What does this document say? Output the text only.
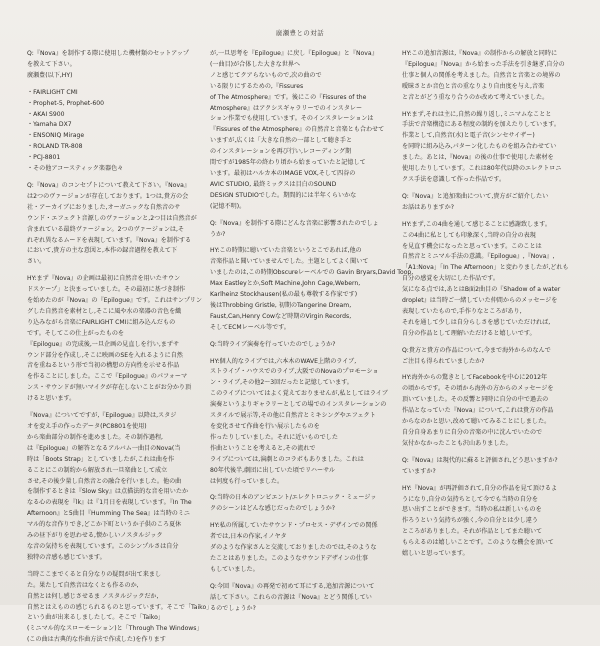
廣瀬豊との対話

Q:『Nova』を制作する際に使用した機材類のセットアップ

を教えて下さい。

廣瀬豊(以下,HY)

・FAIRLIGHT CMI

・Prophet-5, Prophet-600

・AKAI S900

・Yamaha DX7

・ENSONIQ Mirage

・ROLAND TR-808

・PCJ-8801

・その他アコースティック楽器色々

Q:『Nova』のコンセプトについて教えて下さい。『Nova』

は2つのヴァージョンが存在しております。1つは,貴方の会

社・アーカイブにおりました,オーガニックな自然音のサ

ウンド・エフェクト音源しのヴァージョンと,2つ目は自然音が

含まれている最終ヴァージョン。2つのヴァージョンは,そ

れぞれ異なるムードを表現しています。『Nova』を制作する

において,貴方の主な意図と,本作の録音過程を教えて下

さい。

HY:まず『Nova』の企画は最初に自然音を用いたサウン

ドスケープ」と決まっていました。その最初に基づき制作

を始めたのが『Nova』の『Epilogue』です。これはサンプリン

グした自然音を素材とし,そこに風や水の楽器の音色を織

り込みながら音楽にFAIRLIGHT CMIに組み込んだもの

です。そしてこの仕上がったものを

『Epilogue』の完成後,一旦企画の見直しを行い,まずサ

ウンド部分を作成し,そこに映画のSEを入れるように自然

音を重ねるという形で当初の構想の方向性を示せる作品

を作ることにしました。ここで『Epilogue』のパフォーマ

ンス・サウンドが無いマイクが存在しないことがお分かり頂

けると思います。

『Nova』についてですが,『Epilogue』以降は,スタジ

オを変え手の作ったデータ(PC8801を使用)

から楽曲部分の制作を進めました。その制作過程,

は『Epilogue』の解答となるアルバム一曲目のNova(当

時は「Boots Strap」としていましたが,これは曲を作

ることにこの制約から解放され一旦楽曲として成立

させ,その後少量し自然音との融合を行いました。他の曲

を制作するときは『Slow Sky』は点描法的な音を用いたか

なる心の表現を『lk』は『1月日を表現しています。『In The

Afternoon』と5曲目『Humming The Sea』は当時のミニ

マル的な音作りでき,どこか下町というか子供のころ夏休

みの昼下がりを思わせる,懐かしいノスタルジック

な音の気持ちを表現しています。このシンプルさは自分

独特の音感も感じています。

当時ここまでくると自分なりの疑問が出て来まし

た。果たして自然音はなくとも作るのか,

自然とは何し感じさせるま ノスタルジックだか,

自然とはえものの感じられるものと思っています。そこで「Taiko」

という曲が出来るしましたして。そこで「Taiko」

(ミニマル的なスローモーション)と「Through The Windows」

(この曲は古典的な作曲方法で作成した)を作ります

が,一旦思考を『Epilogue』に戻し『Epilogue』と『Nova』

(一曲目)が合体した大きな世界へ

ノと感じてクアらないもので,次の曲ので

いる限りにするための,『Fissures

of The Atmosphere』です。後にこの『Fissures of the

Atmosphere』はアクシスギャラリーでのインスタレー

ション作業でも使用しています。そのインスタレーションは

『Fissures of the Atmosphere』の自然音と音楽とも合わせて

いますが,広くは「大きな自然の一部として聴き手と

のインスタレーションを再び行い,レコーディング期

間ですが1985年の終わり頃から始まっていたと記憶して

います。最初はハルカ本のIMAGE VOX,そして四谷の

AVIC STUDIO, 最終ミックスは目白のSOUND

DESIGN STUDIOでした。期間的には半年くらいかな

(記憶不明)。

Q:『Nova』を制作する際にどんな音楽に影響されたのでしょ

うか?

HY:この時期に聴いていた音楽というとこであれば,他の

音楽作品と聞いていませんでした。主題としてよく聞いて

いましたのは,この時期Obscureレーベルでの Gavin Bryars,David Toop,

Max Eastleyとか,Soft Machine,John Cage,Webern,

Karlheinz Stockhausen(私の最も尊敬する作家です)

後はThrobbing Gristle, 初期のTangerine Dream,

Faust,Can,Henry Cowなど時期のVirgin Records,

そしてECMレーベル等です。

Q:当時ライブ演奏を行っていたのでしょうか?

HY:個人的なライブでは,六本木のWAVE上階のライブ,

ストライプ・ハウスでのライブ,大阪でのNovaのプロモーショ

ン・ライブ,その他2〜3回だったと記憶しています。

このライブについてはよく覚えておりませんが,私としてはライブ

演奏というよりギャラリーとしての場でのインスタレーションの

スタイルで展示等,その他に自然音とミキシングやエフェクト

を変化させて作曲を行い展示したものを

作ったりしていました。それに近いものでした

作曲ということを考えると,その流れで

ライブについては,演劇とのコラボもありました。これは

80年代後半,劇団に出していた頃でリハーサル

は何度も行っていました。

Q:当時の日本のアンビエント/エレクトロニック・ミュージッ

クのシーンはどんな感じだったのでしょうか?

HY:私の所属していたサウンド・プロセス・デザインでの関係

者では,日本の作家,イノヤタ

ダのような作家さんと交流しておりましたのでは,そのような

たことはありました。このようなサウンドデザインの仕事

もしていました。

Q:今回『Nova』の再発で初めて耳にする,追加音源について

話して下さい。これらの音源は『Nova』とどう関係してい

るのでしょうか?

HY:この追加音源は,『Nova』の制作からの解放と同時に

『Epilogue』『Nova』から始まった手法を引き継ぎ,自分の

仕事と個人の関係を考えました。自然音と音楽との境界の

曖昧さとか音色と音の重なりより自由度を与え,音楽

と音とがどう重なり合うのか改めて考えていました。

HY:まず,それは主に,自然の繰り返し,ミニマムなことと

手法で音楽構造にある程度の制約を加えたりしています。

作業として,自然音(水)と電子音(シンセサイザー)

を同時に組み込み,パターン化したものを組み合わせてい

ました。あとは,『Nova』の後の仕事で使用した素材を

使用したりしています。これは80年代以降のエレクトロニ

クス手法を意識して作った作品です。

Q:『Nova』と追加楽曲について,貴方がご紹介したい

お話はありますか?

HY:まず,この4曲を通して感じることに感謝致します。

この4曲に私としても印象深く,当時の自分の表現

を見直す機会になったと思っています。このことは

自然音とミニマル手法の意識。『Epilogue』,『Nova』,

「A1:Nova」「In The Afternoon」と変わりましたが,どれも

自分の感覚を大切にした作品です。

気になる点では,あとはB面2曲目の『Shadow of a water

droplet』は当時ご一緒していた仲間からのメッセージを

表現していたもので,手作りなところがあり,

それを通して少しは自分らしさを感じていただければ,

自分の作品として理解いただけると嬉しいです。

Q:貴方と貴方の作品について,今まで海外からのなんで

ご注目も得られていましたか?

HY:海外からの驚きとしてFacebookを中心に2012年

の頃からです。その頃から海外の方からのメッセージを

頂いていました。その反響と同時に自分の中で過去の

作品となっていた『Nova』について,これは貴方の作品

からなのかと思い,改めて聴いてみることにしました。

自分自身あまりに自分の音楽の中に沈んでいたので

気付かなかったことも沢山ありました。

Q:『Nova』は現代的に蘇ると評価され,どう思いますか?

ていますか?

HY:『Nova』が再評価されて,自分の作品を見て頂けるよ

うになり,自分の気持ちとして今でも当時の自分を

思い出すことができます。当時の私は新しいものを

作ろうという気持ちが強く,今の自分とは少し違う

ところがありました。それが作品としてまた聴いて

もらえるのは嬉しいことです。このような機会を頂いて

嬉しいと思っています。
